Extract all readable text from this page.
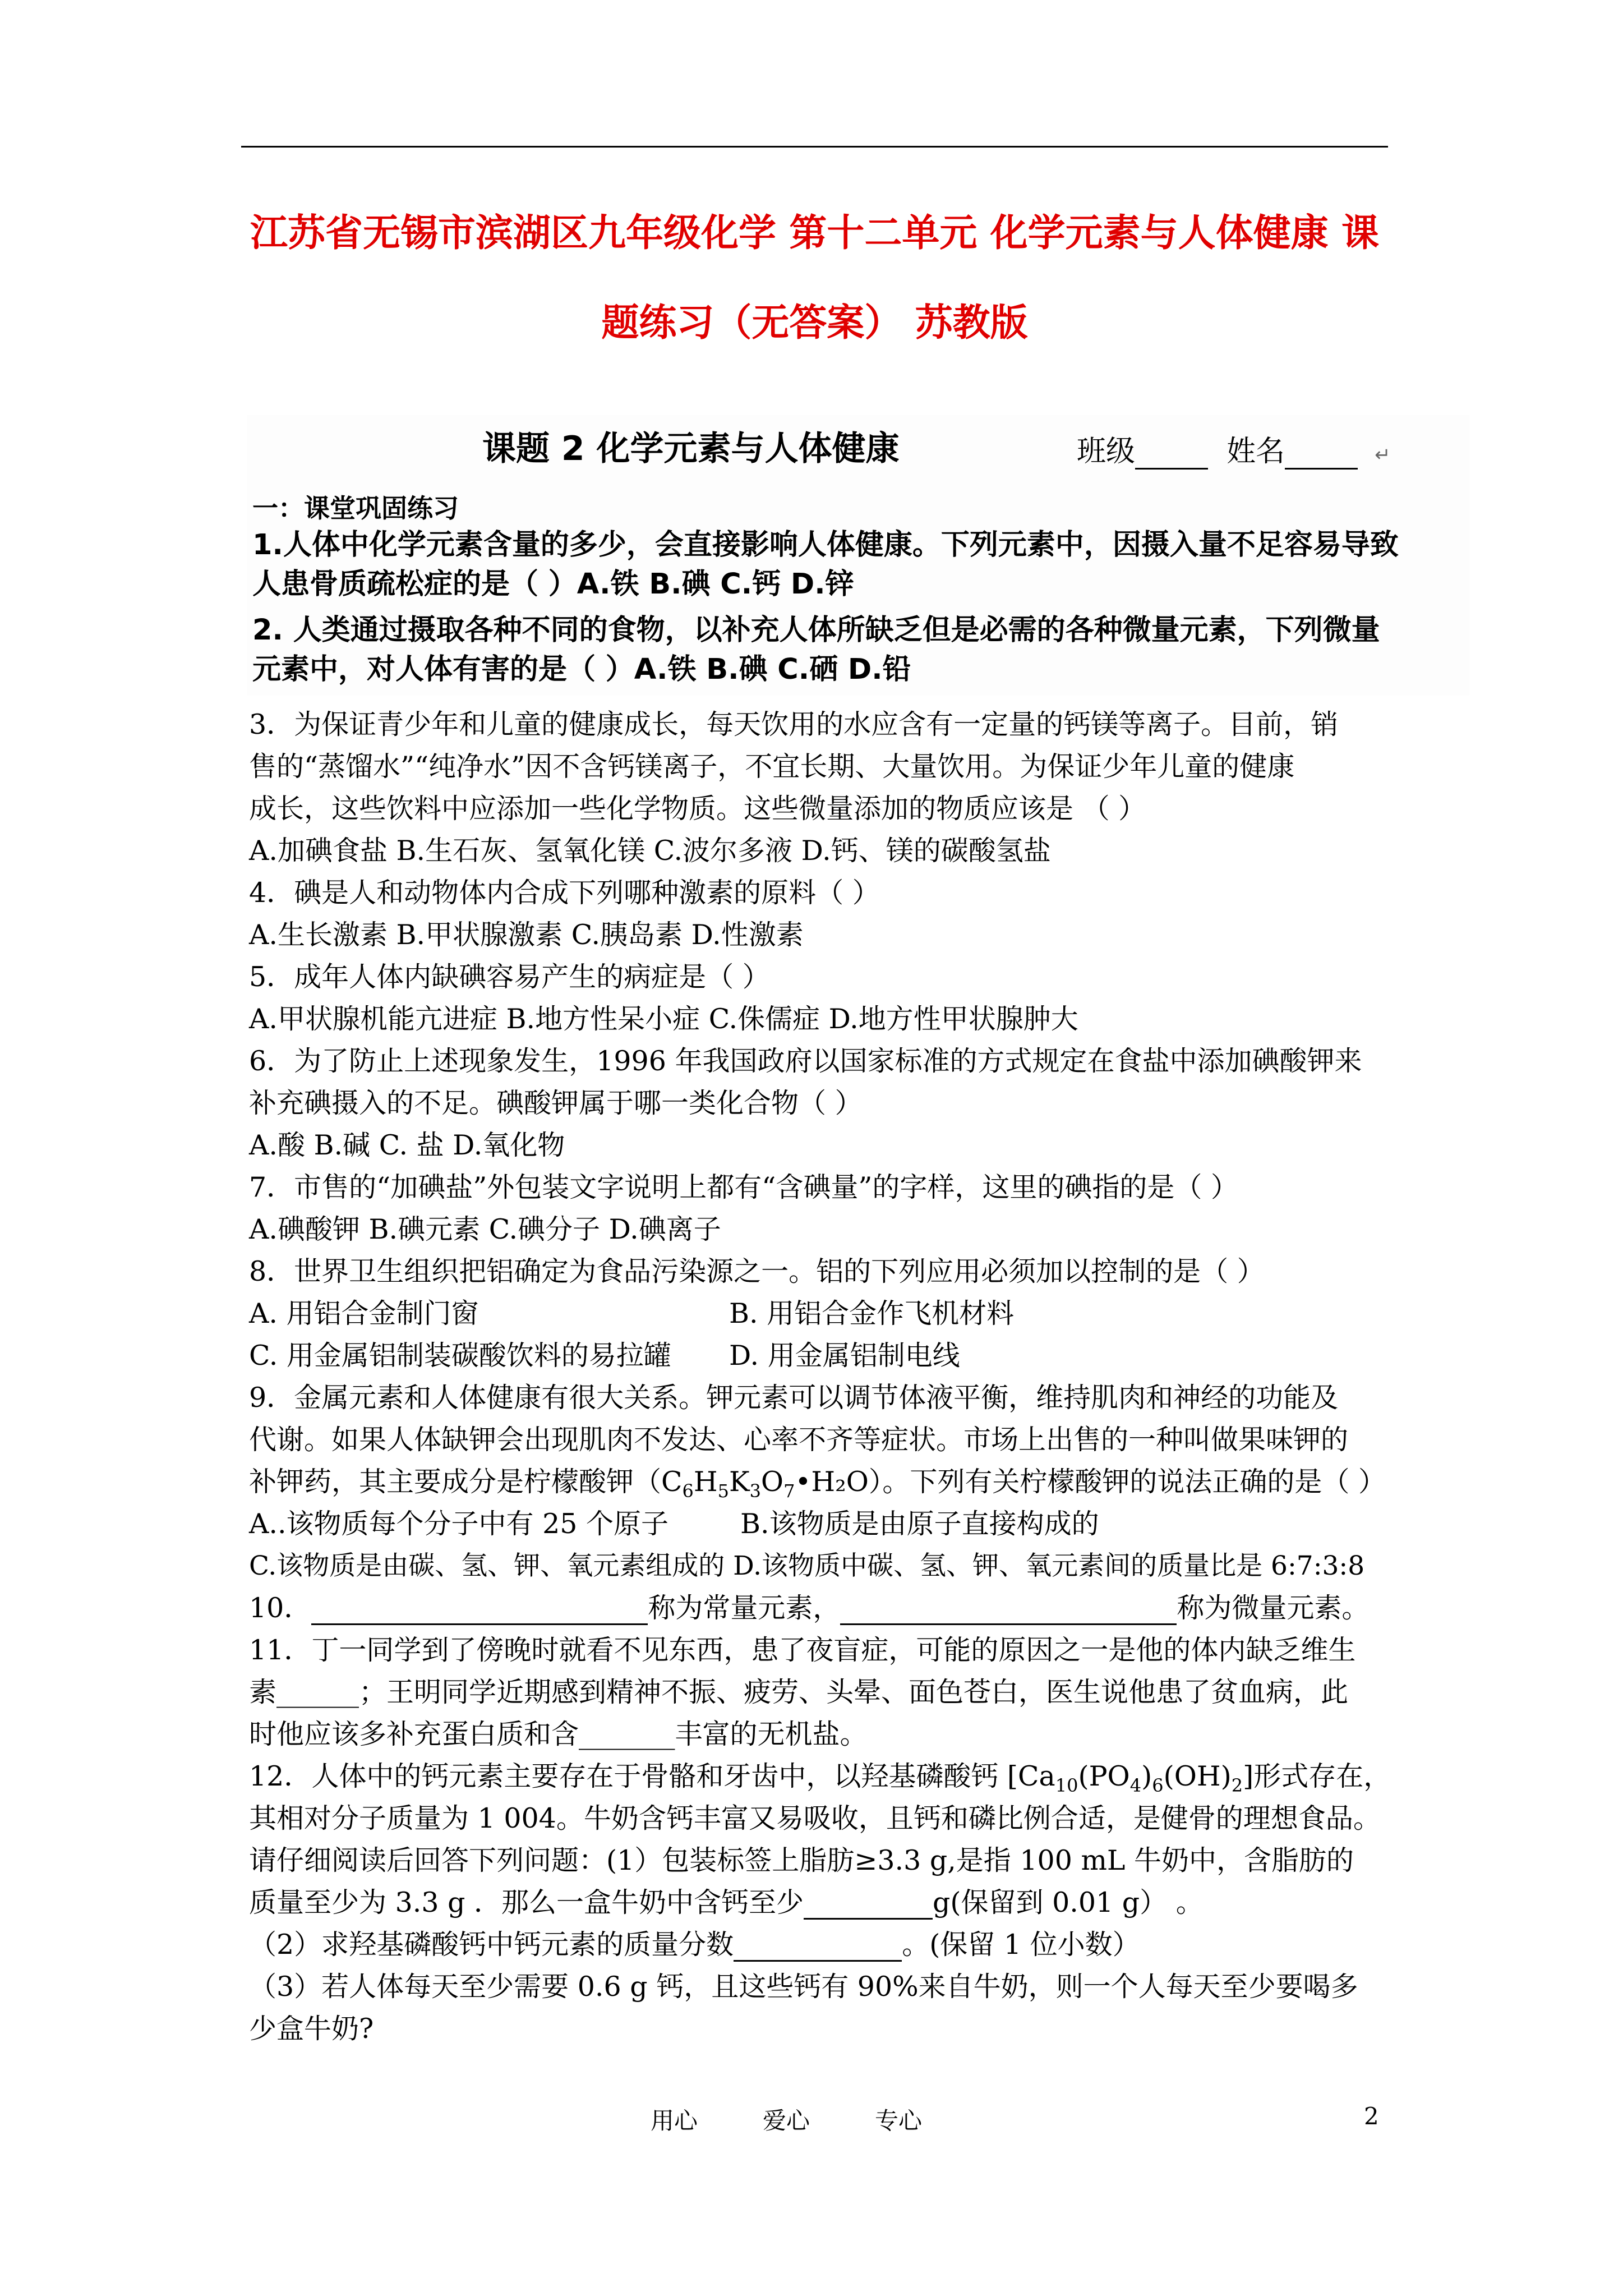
江苏省无锡市滨湖区九年级化学 第十二单元 化学元素与人体健康 课
题练习（无答案） 苏教版
课题 2 化学元素与人体健康	班级	姓名	↵
一：课堂巩固练习
1.人体中化学元素含量的多少，会直接影响人体健康。下列元素中，因摄入量不足容易导致
人患骨质疏松症的是（ ）A.铁 B.碘 C.钙 D.锌
2. 人类通过摄取各种不同的食物，以补充人体所缺乏但是必需的各种微量元素，下列微量
元素中，对人体有害的是（ ）A.铁 B.碘 C.硒 D.铅
3．为保证青少年和儿童的健康成长，每天饮用的水应含有一定量的钙镁等离子。目前，销
售的“蒸馏水”“纯净水”因不含钙镁离子，不宜长期、大量饮用。为保证少年儿童的健康
成长，这些饮料中应添加一些化学物质。这些微量添加的物质应该是 （ ）
A.加碘食盐 B.生石灰、氢氧化镁 C.波尔多液 D.钙、镁的碳酸氢盐
4．碘是人和动物体内合成下列哪种激素的原料（ ）
A.生长激素 B.甲状腺激素 C.胰岛素 D.性激素
5．成年人体内缺碘容易产生的病症是（ ）
A.甲状腺机能亢进症 B.地方性呆小症 C.侏儒症 D.地方性甲状腺肿大
6．为了防止上述现象发生，1996 年我国政府以国家标准的方式规定在食盐中添加碘酸钾来
补充碘摄入的不足。碘酸钾属于哪一类化合物（ ）
A.酸 B.碱 C. 盐 D.氧化物
7．市售的“加碘盐”外包装文字说明上都有“含碘量”的字样，这里的碘指的是（ ）
A.碘酸钾 B.碘元素 C.碘分子 D.碘离子
8．世界卫生组织把铝确定为食品污染源之一。铝的下列应用必须加以控制的是（ ）
A. 用铝合金制门窗	B. 用铝合金作飞机材料
C. 用金属铝制装碳酸饮料的易拉罐 D. 用金属铝制电线
9．金属元素和人体健康有很大关系。钾元素可以调节体液平衡，维持肌肉和神经的功能及
代谢。如果人体缺钾会出现肌肉不发达、心率不齐等症状。市场上出售的一种叫做果味钾的
补钾药，其主要成分是柠檬酸钾$(C_6H_5K_3O_7•H_2O)$。下列有关柠檬酸钾的说法正确的是（ ）
A..该物质每个分子中有 25 个原子	B.该物质是由原子直接构成的
C.该物质是由碳、氢、钾、氧元素组成的 D.该物质中碳、氢、钾、氧元素间的质量比是 6:7:3:8
10．	称为常量元素，	称为微量元素。
11．丁一同学到了傍晚时就看不见东西，患了夜盲症，可能的原因之一是他的体内缺乏维生
素______；王明同学近期感到精神不振、疲劳、头晕、面色苍白，医生说他患了贫血病，此
时他应该多补充蛋白质和含_______丰富的无机盐。
12．人体中的钙元素主要存在于骨骼和牙齿中，以羟基磷酸钙 $[Ca_{10}(PO_4)_6(OH)_2]$形式存在，
其相对分子质量为 1 004。牛奶含钙丰富又易吸收，且钙和磷比例合适，是健骨的理想食品。
请仔细阅读后回答下列问题：(1）包装标签上脂肪≥3.3 g,是指 100 mL 牛奶中，含脂肪的
质量至少为 3.3 g ．那么一盒牛奶中含钙至少	g(保留到 0.01 g） 。
（2）求羟基磷酸钙中钙元素的质量分数	。(保留 1 位小数）
（3）若人体每天至少需要 0.6 g 钙，且这些钙有 90%来自牛奶，则一个人每天至少要喝多
少盒牛奶?
用心	爱心	专心	2
